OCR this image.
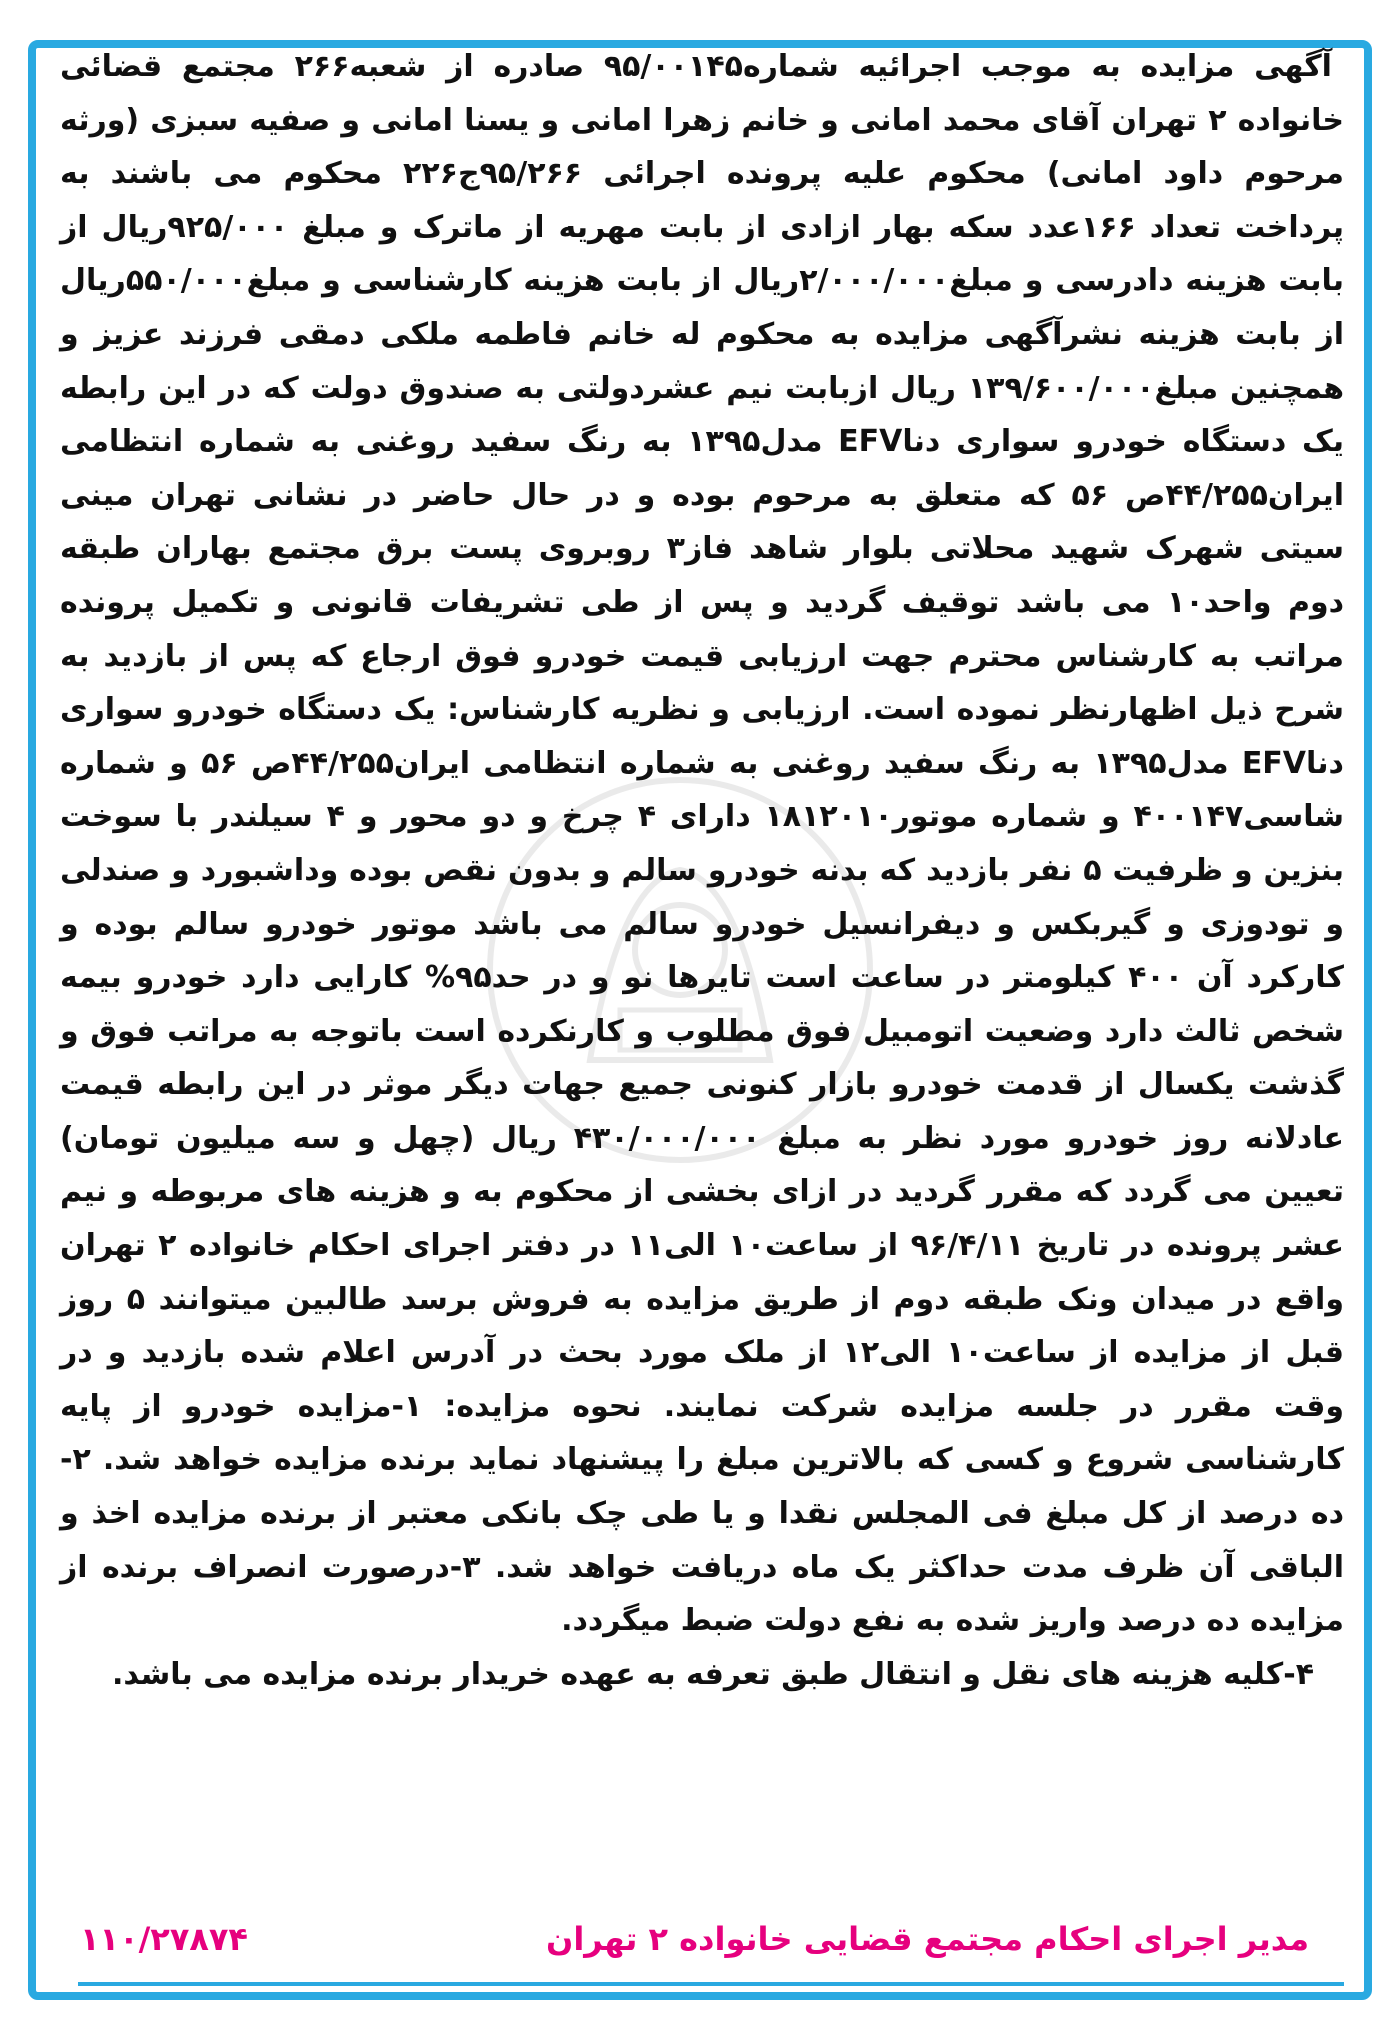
آگهی مزایده به موجب اجرائیه شماره۹۵/۰۰۱۴۵ صادره از شعبه۲۶۶ مجتمع قضائی خانواده ۲ تهران آقای محمد امانی و خانم زهرا امانی و یسنا امانی و صفیه سبزی (ورثه مرحوم داود امانی) محکوم علیه پرونده اجرائی ۹۵/۲۶۶ج۲۲۶ محکوم می باشند به پرداخت تعداد ۱۶۶عدد سکه بهار ازادی از بابت مهریه از ماترک و مبلغ ۹۲۵/۰۰۰ریال از بابت هزینه دادرسی و مبلغ۲/۰۰۰/۰۰۰ریال از بابت هزینه کارشناسی و مبلغ۵۵۰/۰۰۰ریال از بابت هزینه نشرآگهی مزایده به محکوم له خانم فاطمه ملکی دمقی فرزند عزیز و همچنین مبلغ۱۳۹/۶۰۰/۰۰۰ ریال ازبابت نیم عشردولتی به صندوق دولت که در این رابطه یک دستگاه خودرو سواری دناEFV مدل۱۳۹۵ به رنگ سفید روغنی به شماره انتظامی ایران۴۴/۲۵۵ص ۵۶ که متعلق به مرحوم بوده و در حال حاضر در نشانی تهران مینی سیتی شهرک شهید محلاتی بلوار شاهد فاز۳ روبروی پست برق مجتمع بهاران طبقه دوم واحد۱۰ می باشد توقیف گردید و پس از طی تشریفات قانونی و تکمیل پرونده مراتب به کارشناس محترم جهت ارزیابی قیمت خودرو فوق ارجاع که پس از بازدید به شرح ذیل اظهارنظر نموده است. ارزیابی و نظریه کارشناس: یک دستگاه خودرو سواری دناEFV مدل۱۳۹۵ به رنگ سفید روغنی به شماره انتظامی ایران۴۴/۲۵۵ص ۵۶ و شماره شاسی۴۰۰۱۴۷ و شماره موتور۱۸۱۲۰۱۰ دارای ۴ چرخ و دو محور و ۴ سیلندر با سوخت بنزین و ظرفیت ۵ نفر بازدید که بدنه خودرو سالم و بدون نقص بوده وداشبورد و صندلی و تودوزی و گیربکس و دیفرانسیل خودرو سالم می باشد موتور خودرو سالم بوده و کارکرد آن ۴۰۰ کیلومتر در ساعت است تایرها نو و در حد۹۵% کارایی دارد خودرو بیمه شخص ثالث دارد وضعیت اتومبیل فوق مطلوب و کارنکرده است باتوجه به مراتب فوق و گذشت یکسال از قدمت خودرو بازار کنونی جمیع جهات دیگر موثر در این رابطه قیمت عادلانه روز خودرو مورد نظر به مبلغ ۴۳۰/۰۰۰/۰۰۰ ریال (چهل و سه میلیون تومان) تعیین می گردد که مقرر گردید در ازای بخشی از محکوم به و هزینه های مربوطه و نیم عشر پرونده در تاریخ ۹۶/۴/۱۱ از ساعت۱۰ الی۱۱ در دفتر اجرای احکام خانواده ۲ تهران واقع در میدان ونک طبقه دوم از طریق مزایده به فروش برسد طالبین میتوانند ۵ روز قبل از مزایده از ساعت۱۰ الی۱۲ از ملک مورد بحث در آدرس اعلام شده بازدید و در وقت مقرر در جلسه مزایده شرکت نمایند. نحوه مزایده: ۱-مزایده خودرو از پایه کارشناسی شروع و کسی که بالاترین مبلغ را پیشنهاد نماید برنده مزایده خواهد شد. ۲-ده درصد از کل مبلغ فی المجلس نقدا و یا طی چک بانکی معتبر از برنده مزایده اخذ و الباقی آن ظرف مدت حداکثر یک ماه دریافت خواهد شد. ۳-درصورت انصراف برنده از مزایده ده درصد واریز شده به نفع دولت ضبط میگردد.

۴-کلیه هزینه های نقل و انتقال طبق تعرفه به عهده خریدار برنده مزایده می باشد.

مدیر اجرای احکام مجتمع قضایی خانواده ۲ تهران
۱۱۰/۲۷۸۷۴
